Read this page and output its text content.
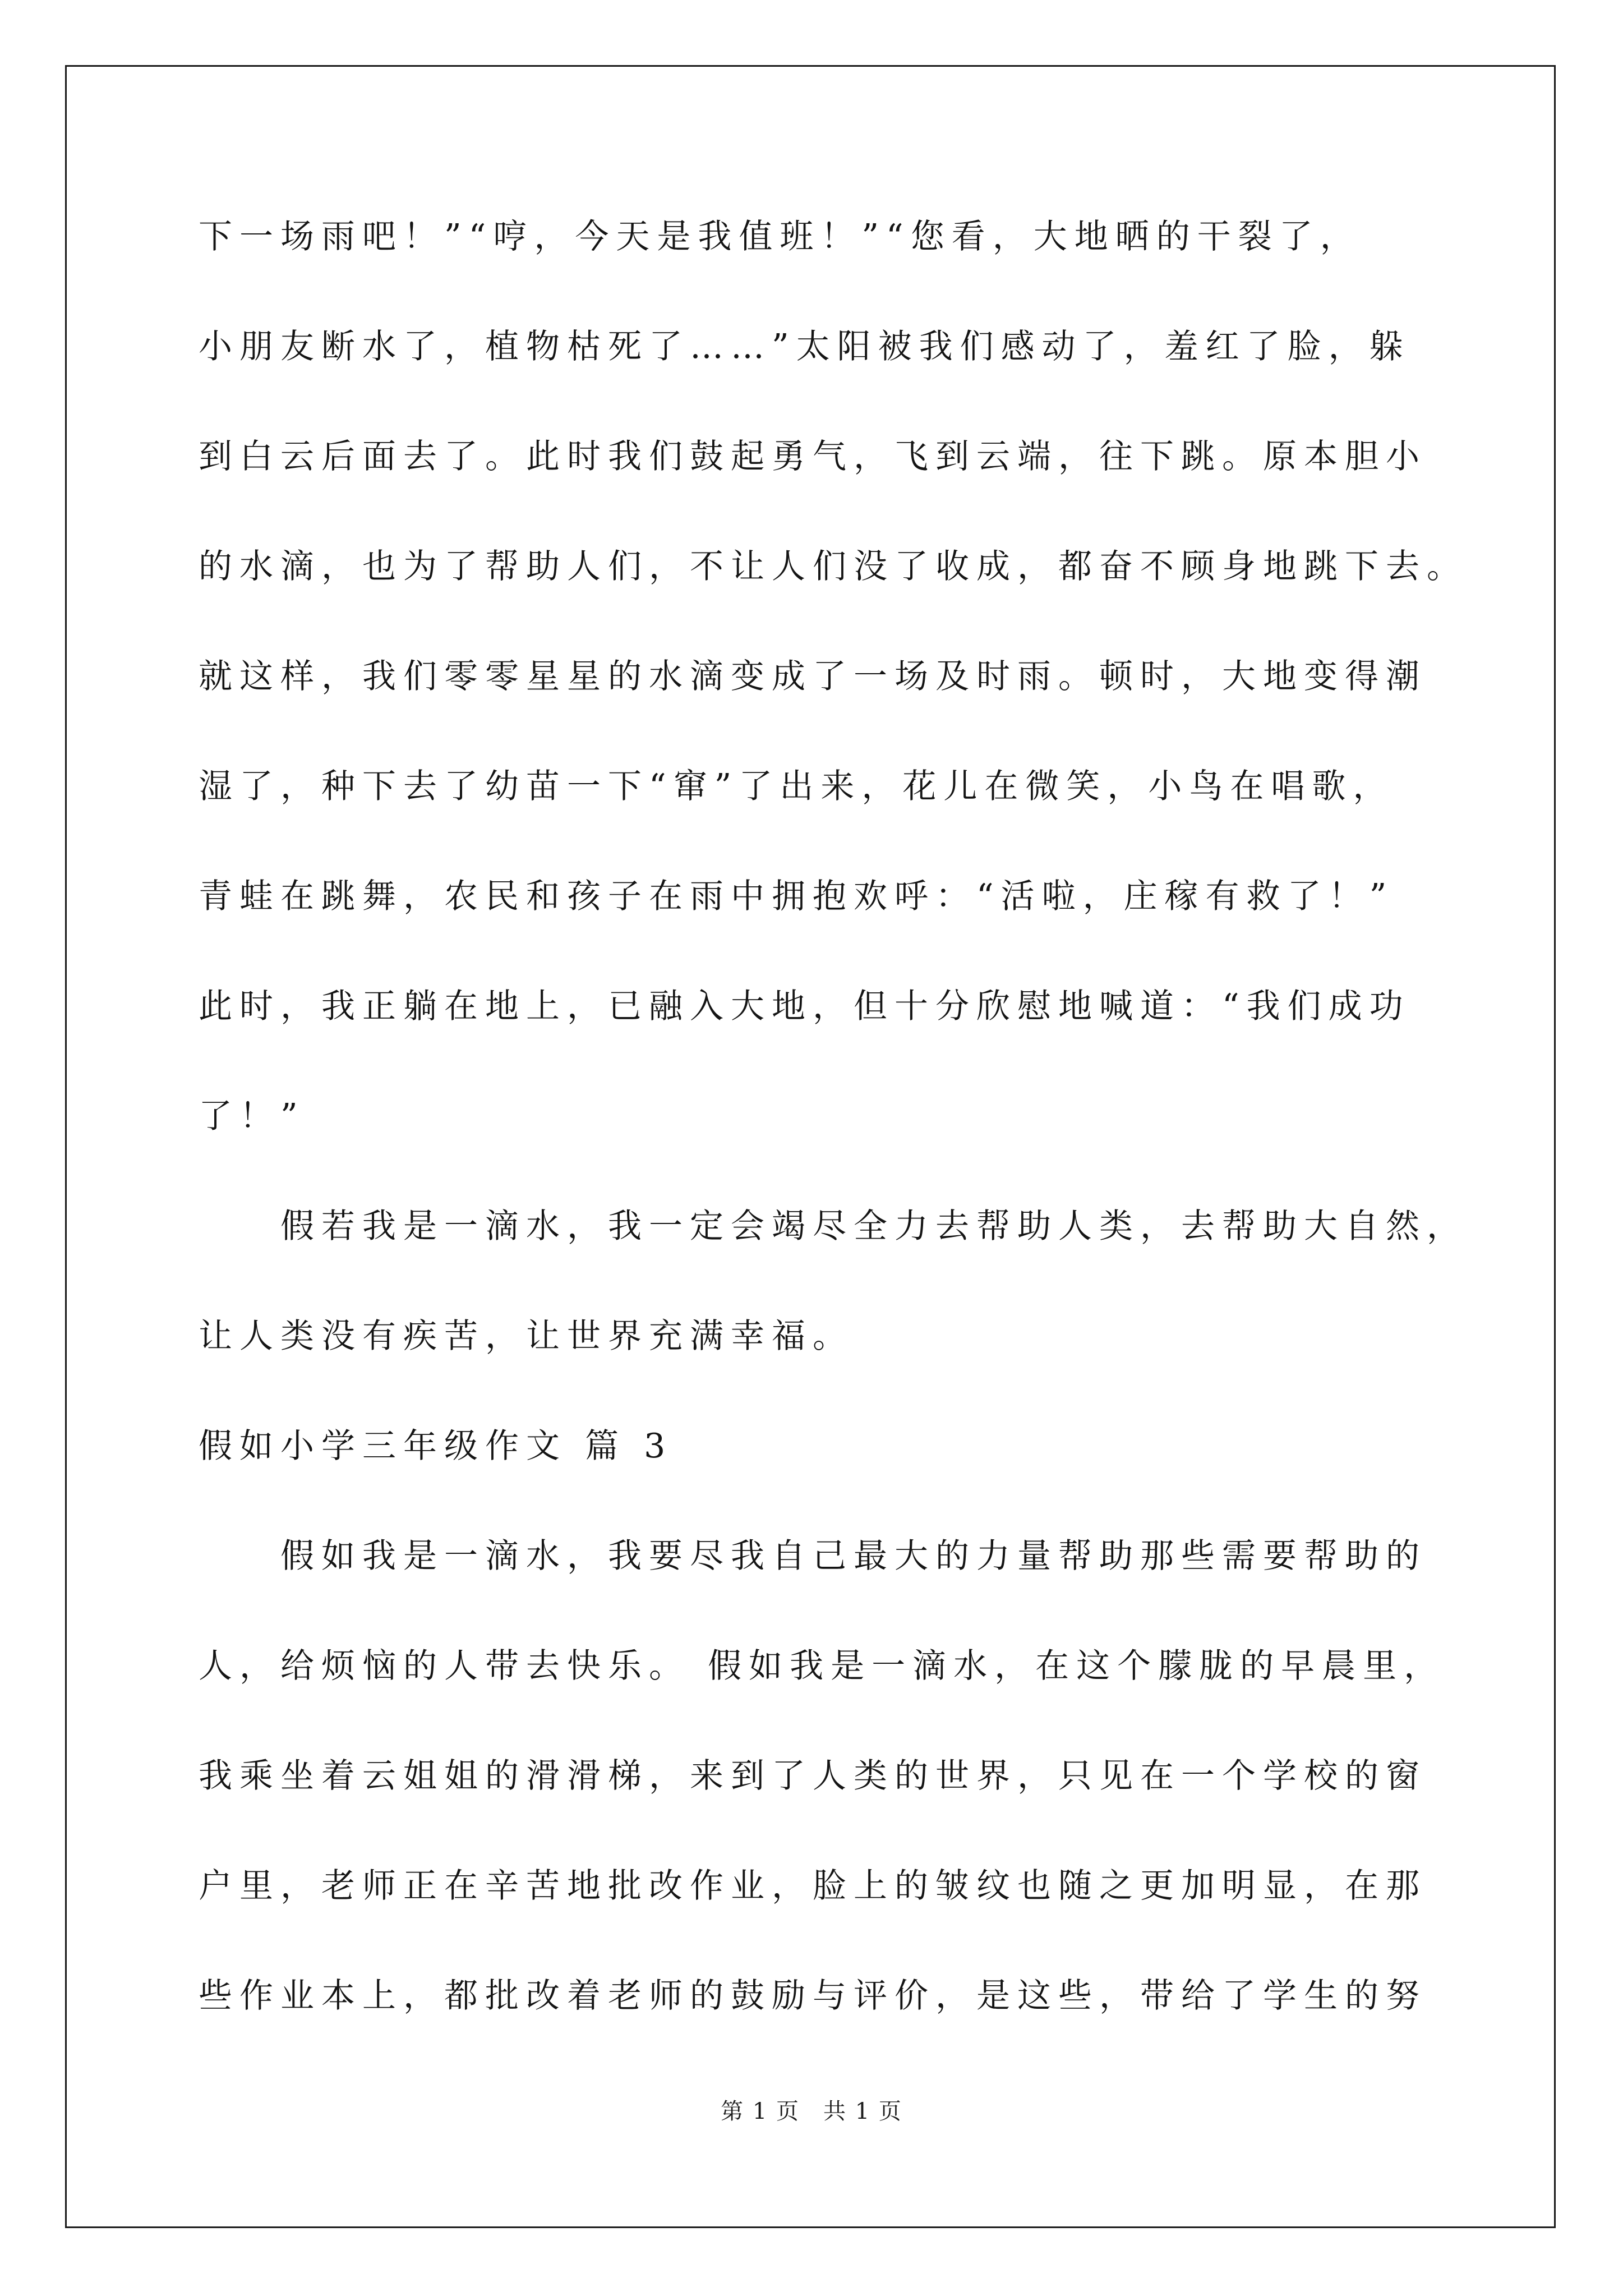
下一场雨吧！”“哼，今天是我值班！”“您看，大地晒的干裂了，
小朋友断水了，植物枯死了……”太阳被我们感动了，羞红了脸，躲
到白云后面去了。此时我们鼓起勇气，飞到云端，往下跳。原本胆小
的水滴，也为了帮助人们，不让人们没了收成，都奋不顾身地跳下去。
就这样，我们零零星星的水滴变成了一场及时雨。顿时，大地变得潮
湿了，种下去了幼苗一下“窜”了出来，花儿在微笑，小鸟在唱歌，
青蛙在跳舞，农民和孩子在雨中拥抱欢呼：“活啦，庄稼有救了！”
此时，我正躺在地上，已融入大地，但十分欣慰地喊道：“我们成功
了！”
假若我是一滴水，我一定会竭尽全力去帮助人类，去帮助大自然，
让人类没有疾苦，让世界充满幸福。
假如小学三年级作文 篇 3
假如我是一滴水，我要尽我自己最大的力量帮助那些需要帮助的
人，给烦恼的人带去快乐。 假如我是一滴水，在这个朦胧的早晨里，
我乘坐着云姐姐的滑滑梯，来到了人类的世界，只见在一个学校的窗
户里，老师正在辛苦地批改作业，脸上的皱纹也随之更加明显，在那
些作业本上，都批改着老师的鼓励与评价，是这些，带给了学生的努
第 1 页　共 1 页
